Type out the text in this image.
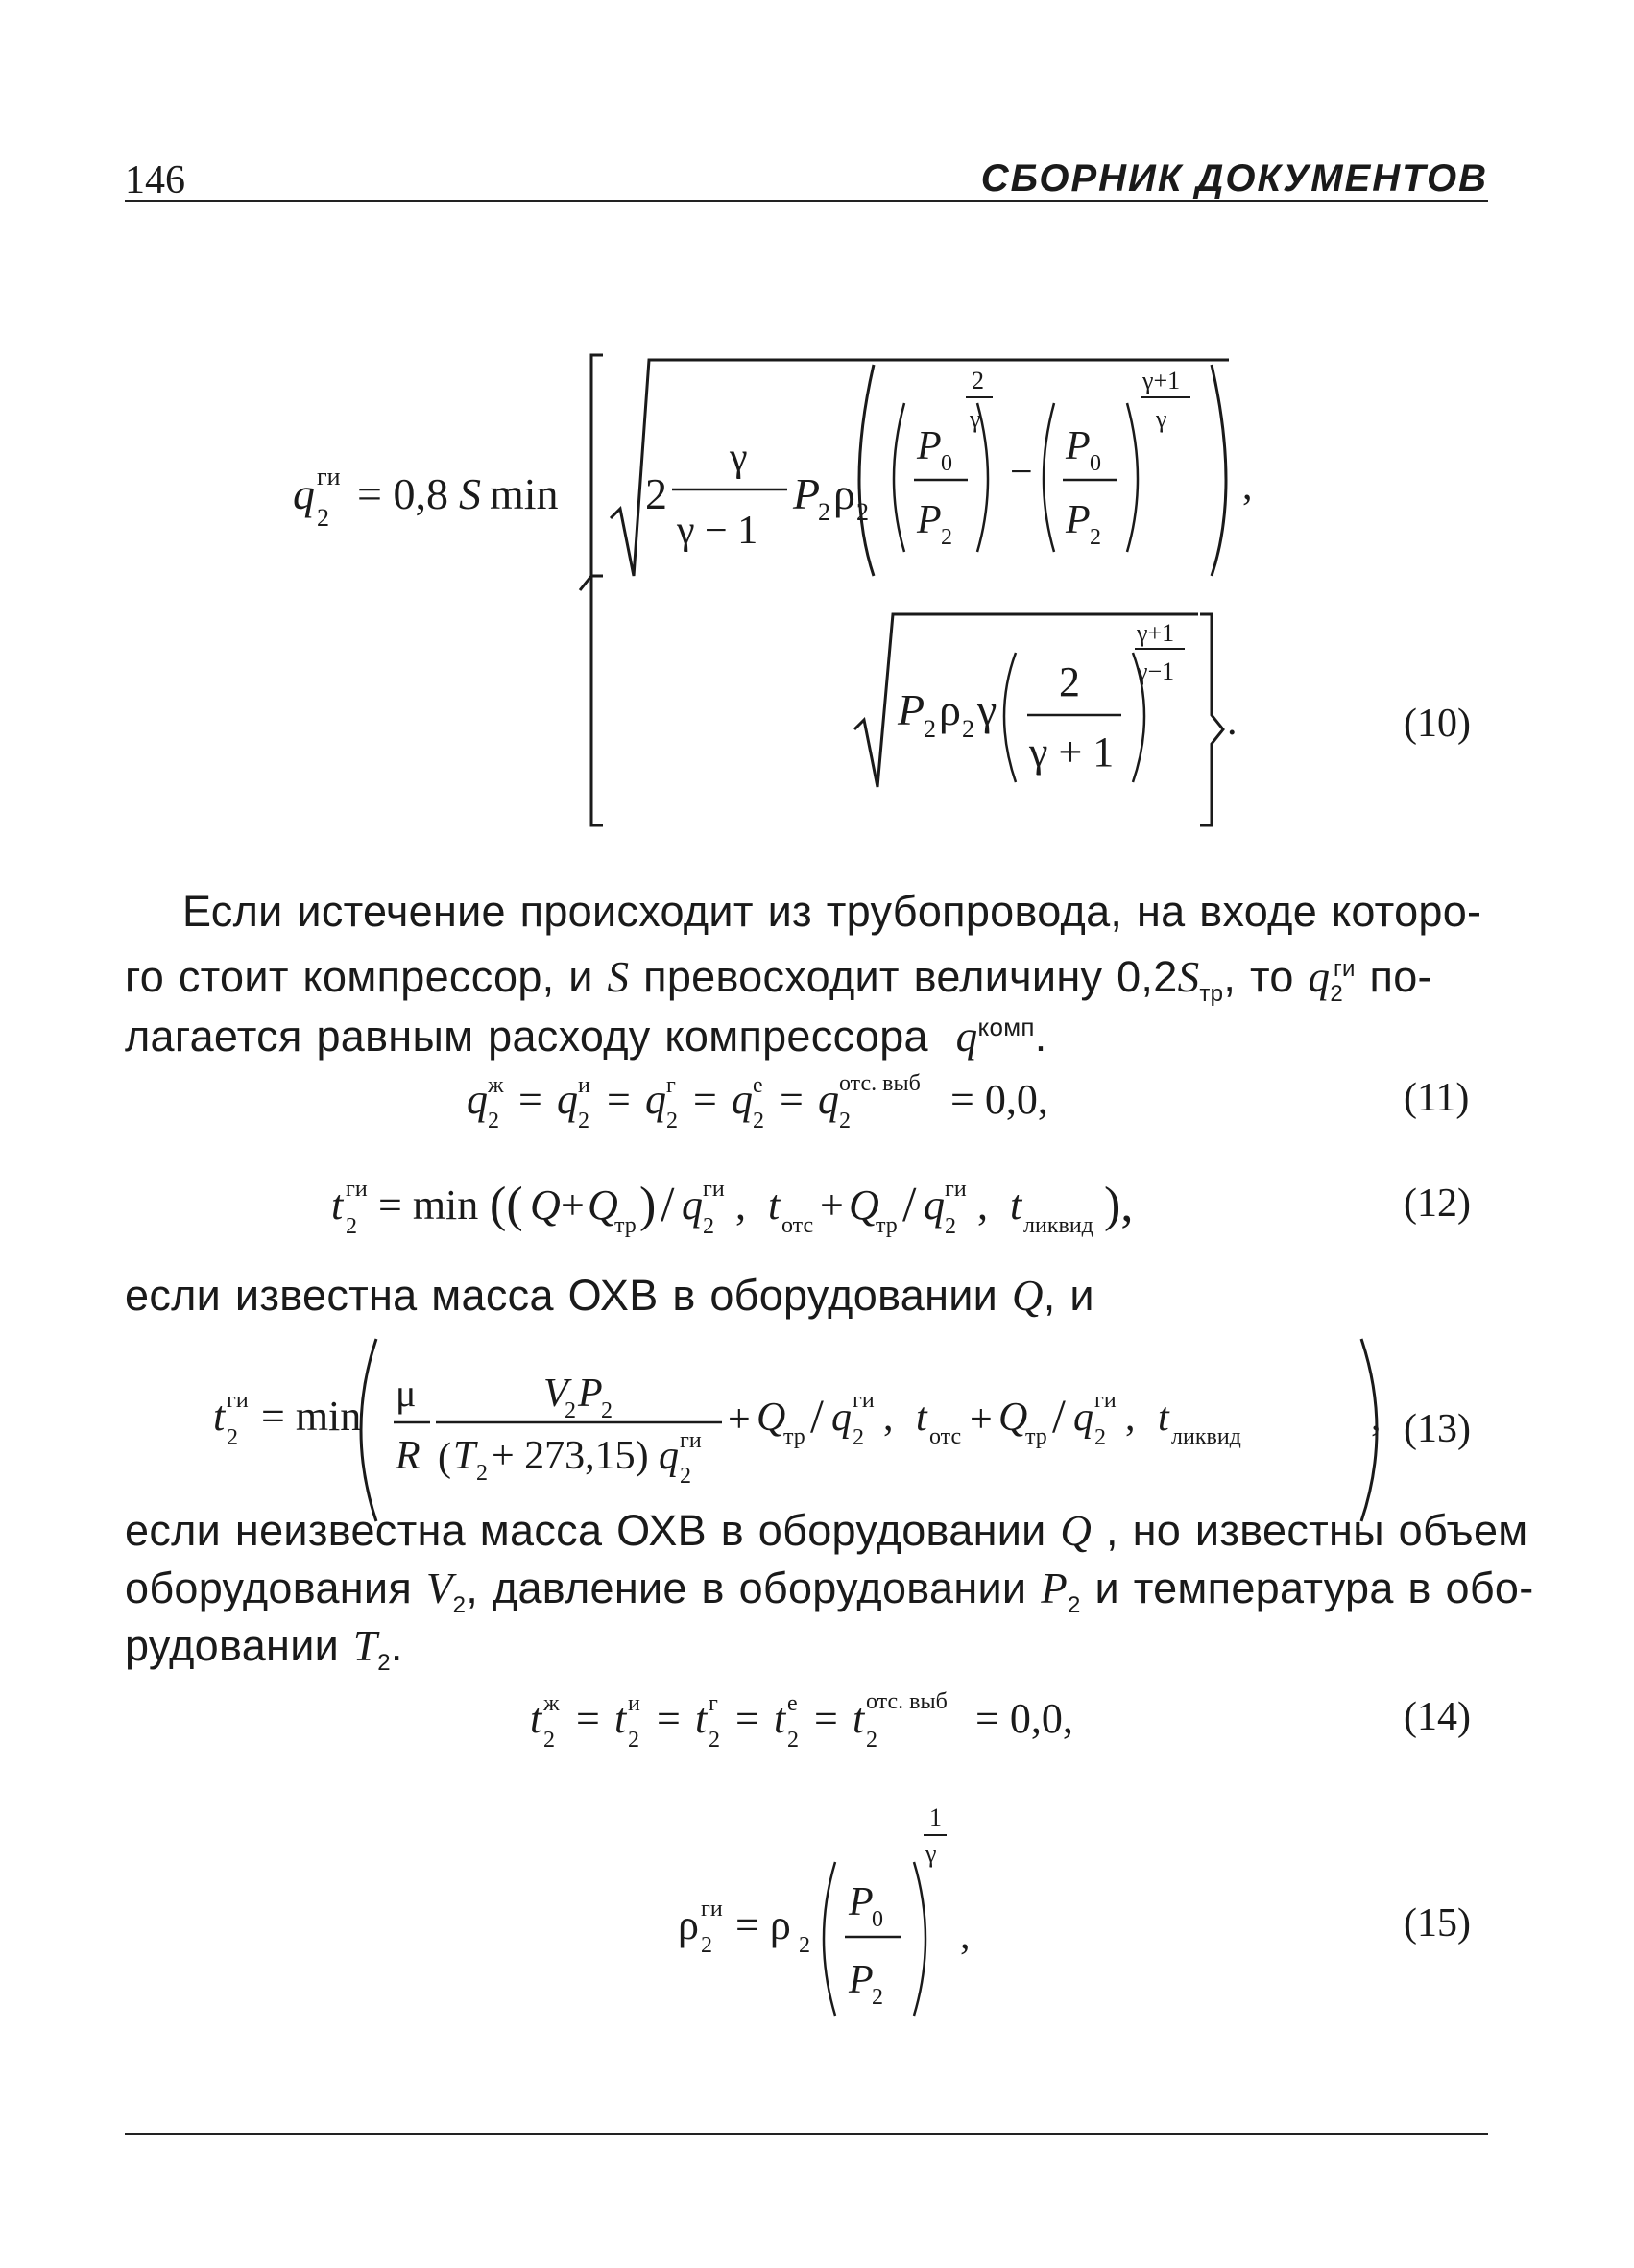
146	СБОРНИК ДОКУМЕНТОВ
q 2
ги = 0,8 S min 2
γ
γ − 1
P
2 ρ 2
P 0
P 2
2
γ
−
P 0
P 2
γ+1
γ
,
P
2 ρ 2 γ
2
γ + 1
γ+1
γ−1
.
q 2
ж = q 2
и = q 2
г = q 2
е = q 2
отс. выб = 0,0,
t 2
ги = min (( Q + Q
тр ) / q 2
ги , t отс + Q
тр / q 2
ги , t ликвид ),
t 2
ги = min μ
R
V
2 P
2
( T 2 + 273,15) q 2
ги + Q
тр / q 2
ги , t отс + Q
тр / q 2
ги , t ликвид	,
t 2
ж = t 2
и = t 2
г = t 2
е = t 2
отс. выб = 0,0,
ρ 2
ги = ρ 2
P
0
P
2
1
γ
,
(10)
(11)
(12)
(13)
(14)
(15)
Если истечение происходит из трубопровода, на входе которо-
го стоит компрессор, и S превосходит величину $0,2S_{тр}$, то $q_2^{ги}$ по-
лагается равным расходу компрессора $q^{комп}$.
если известна масса ОХВ в оборудовании Q, и
если неизвестна масса ОХВ в оборудовании Q , но известны объем
оборудования $V_2$, давление в оборудовании $P_2$ и температура в обо-
рудовании $T_2$.
